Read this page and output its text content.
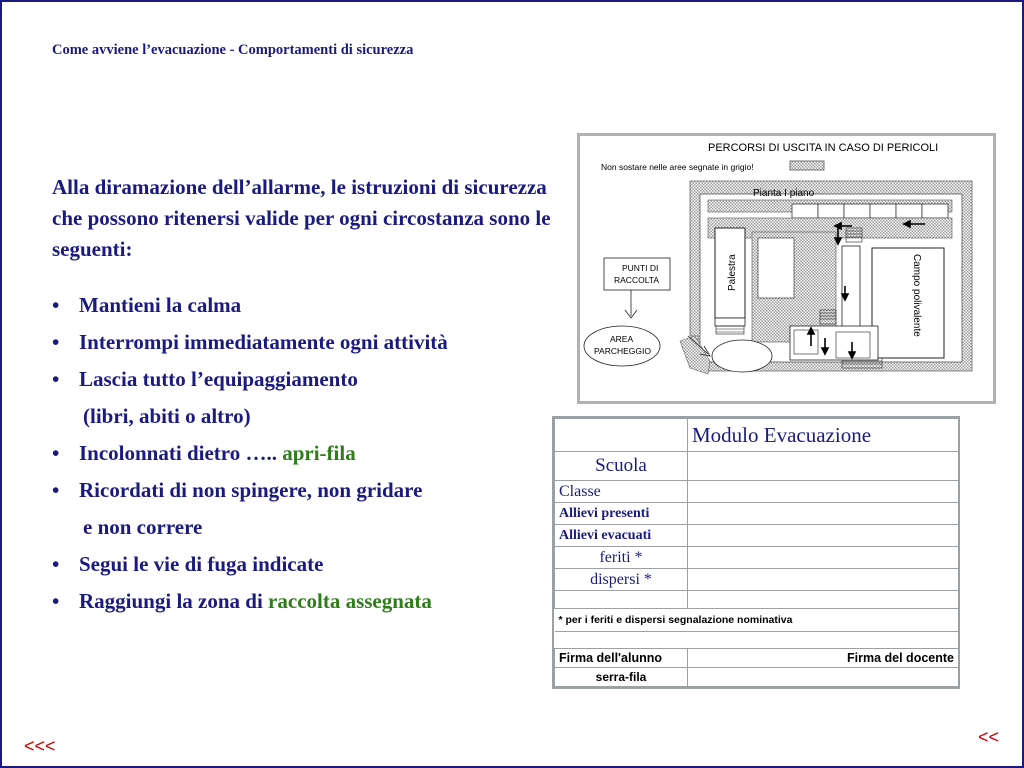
Come avviene l’evacuazione - Comportamenti di sicurezza
Alla diramazione dell’allarme, le istruzioni di sicurezza che possono ritenersi valide per ogni circostanza sono le seguenti:
• Mantieni la calma
• Interrompi immediatamente ogni attività
• Lascia tutto l’equipaggiamento
(libri, abiti o altro)
• Incolonnati dietro ….. apri-fila
• Ricordati di non spingere, non gridare
e non correre
• Segui le vie di fuga indicate
• Raggiungi la zona di raccolta assegnata
PERCORSI DI USCITA IN CASO DI PERICOLI
Non sostare nelle aree segnate in grigio!
Pianta I piano
Palestra	Campo polivalente
PUNTI DI
RACCOLTA
AREA
PARCHEGGIO
	Modulo Evacuazione
Scuola	
Classe	
Allievi presenti	
Allievi evacuati	
feriti *	
dispersi *	

* per i feriti e dispersi segnalazione nominativa	

Firma dell'alunno	Firma del docente
serra-fila	
<<<	<<
